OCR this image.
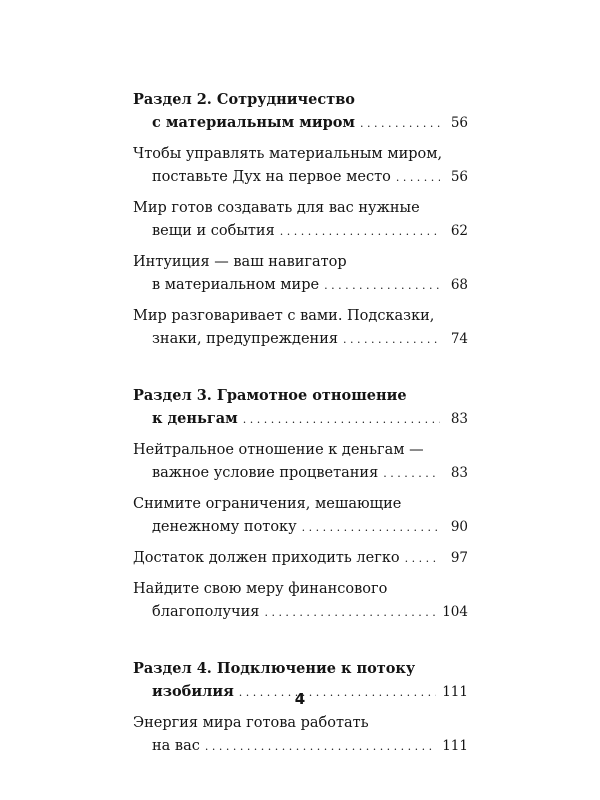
Раздел 2. Сотрудничество
с материальным миром . . .	56
Чтобы управлять материальным миром,
поставьте Дух на первое место . . .	56
Мир готов создавать для вас нужные
вещи и события . . .	62
Интуиция — ваш навигатор
в материальном мире . . .	68
Мир разговаривает с вами. Подсказки,
знаки, предупреждения . . .	74
Раздел 3. Грамотное отношение
к деньгам . . .	83
Нейтральное отношение к деньгам —
важное условие процветания . . .	83
Снимите ограничения, мешающие
денежному потоку . . .	90
Достаток должен приходить легко . . .	97
Найдите свою меру финансового
благополучия . . .	104
Раздел 4. Подключение к потоку
изобилия . . .	111
Энергия мира готова работать
на вас . . .	111
4
